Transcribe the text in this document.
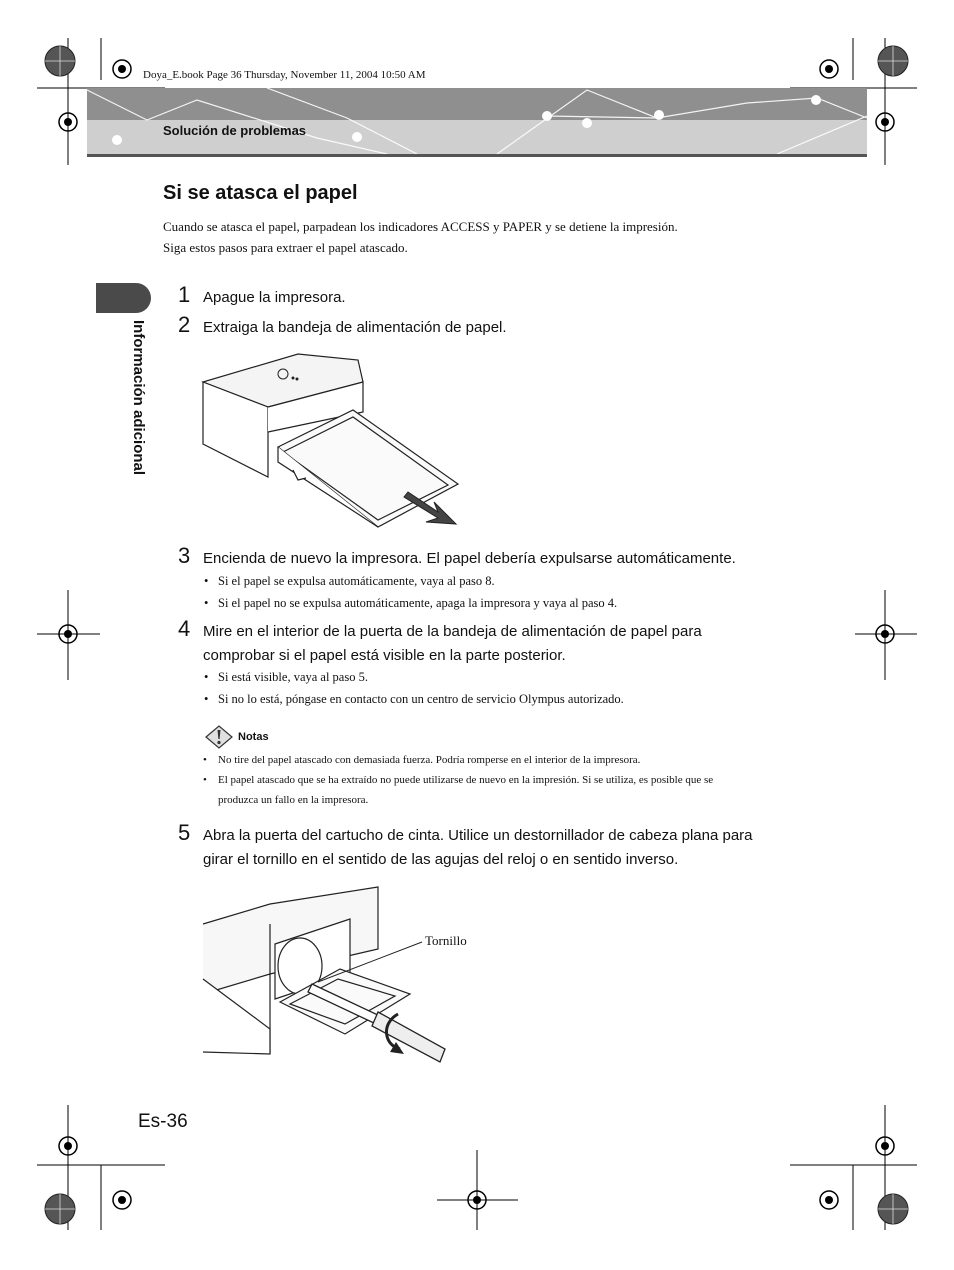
Doya_E.book Page 36 Thursday, November 11, 2004 10:50 AM
Solución de problemas
Información adicional
Si se atasca el papel
Cuando se atasca el papel, parpadean los indicadores ACCESS y PAPER y se detiene la impresión.
Siga estos pasos para extraer el papel atascado.
1 Apague la impresora.
2 Extraiga la bandeja de alimentación de papel.
3 Encienda de nuevo la impresora. El papel debería expulsarse automáticamente.
• Si el papel se expulsa automáticamente, vaya al paso 8.
• Si el papel no se expulsa automáticamente, apaga la impresora y vaya al paso 4.
4 Mire en el interior de la puerta de la bandeja de alimentación de papel para
comprobar si el papel está visible en la parte posterior.
• Si está visible, vaya al paso 5.
• Si no lo está, póngase en contacto con un centro de servicio Olympus autorizado.
Notas
• No tire del papel atascado con demasiada fuerza. Podría romperse en el interior de la impresora.
• El papel atascado que se ha extraído no puede utilizarse de nuevo en la impresión. Si se utiliza, es posible que se
produzca un fallo en la impresora.
5 Abra la puerta del cartucho de cinta. Utilice un destornillador de cabeza plana para
girar el tornillo en el sentido de las agujas del reloj o en sentido inverso.
Tornillo
Es-36
